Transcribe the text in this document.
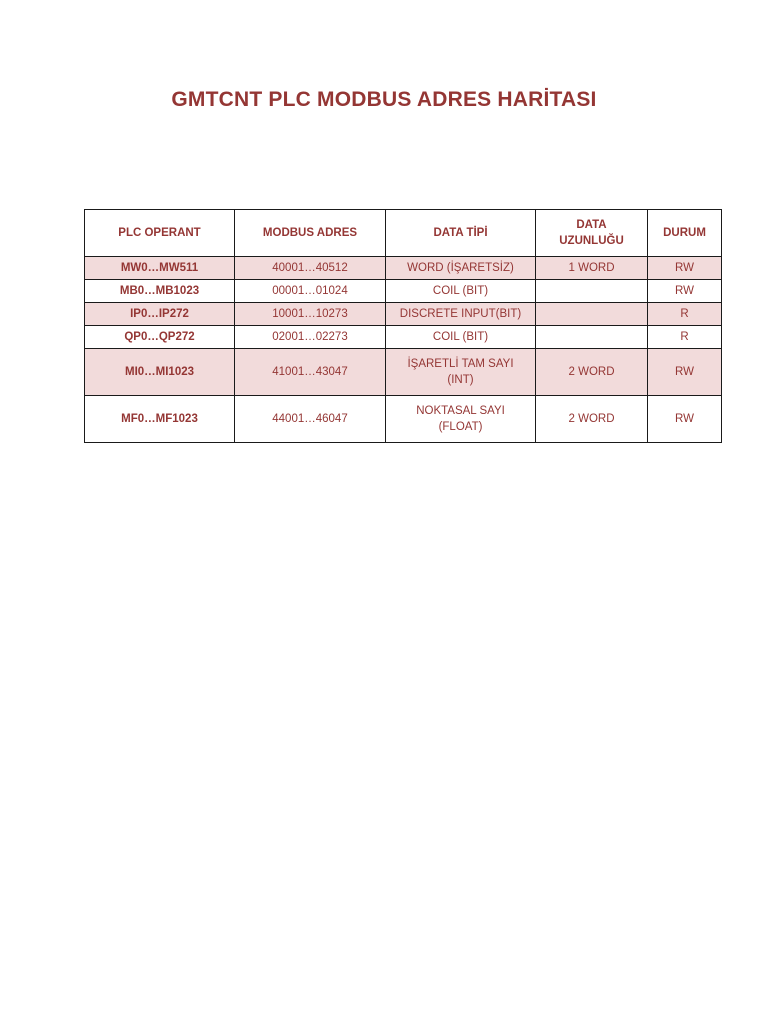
GMTCNT PLC MODBUS ADRES HARİTASI
PLC OPERANT	MODBUS ADRES	DATA TİPİ	DATA UZUNLUĞU	DURUM
MW0…MW511	40001…40512	WORD (İŞARETSİZ)	1 WORD	RW
MB0…MB1023	00001…01024	COIL (BIT)		RW
IP0…IP272	10001…10273	DISCRETE INPUT(BIT)		R
QP0…QP272	02001…02273	COIL (BIT)		R
MI0…MI1023	41001…43047	İŞARETLİ TAM SAYI (INT)	2 WORD	RW
MF0…MF1023	44001…46047	NOKTASAL SAYI (FLOAT)	2 WORD	RW
